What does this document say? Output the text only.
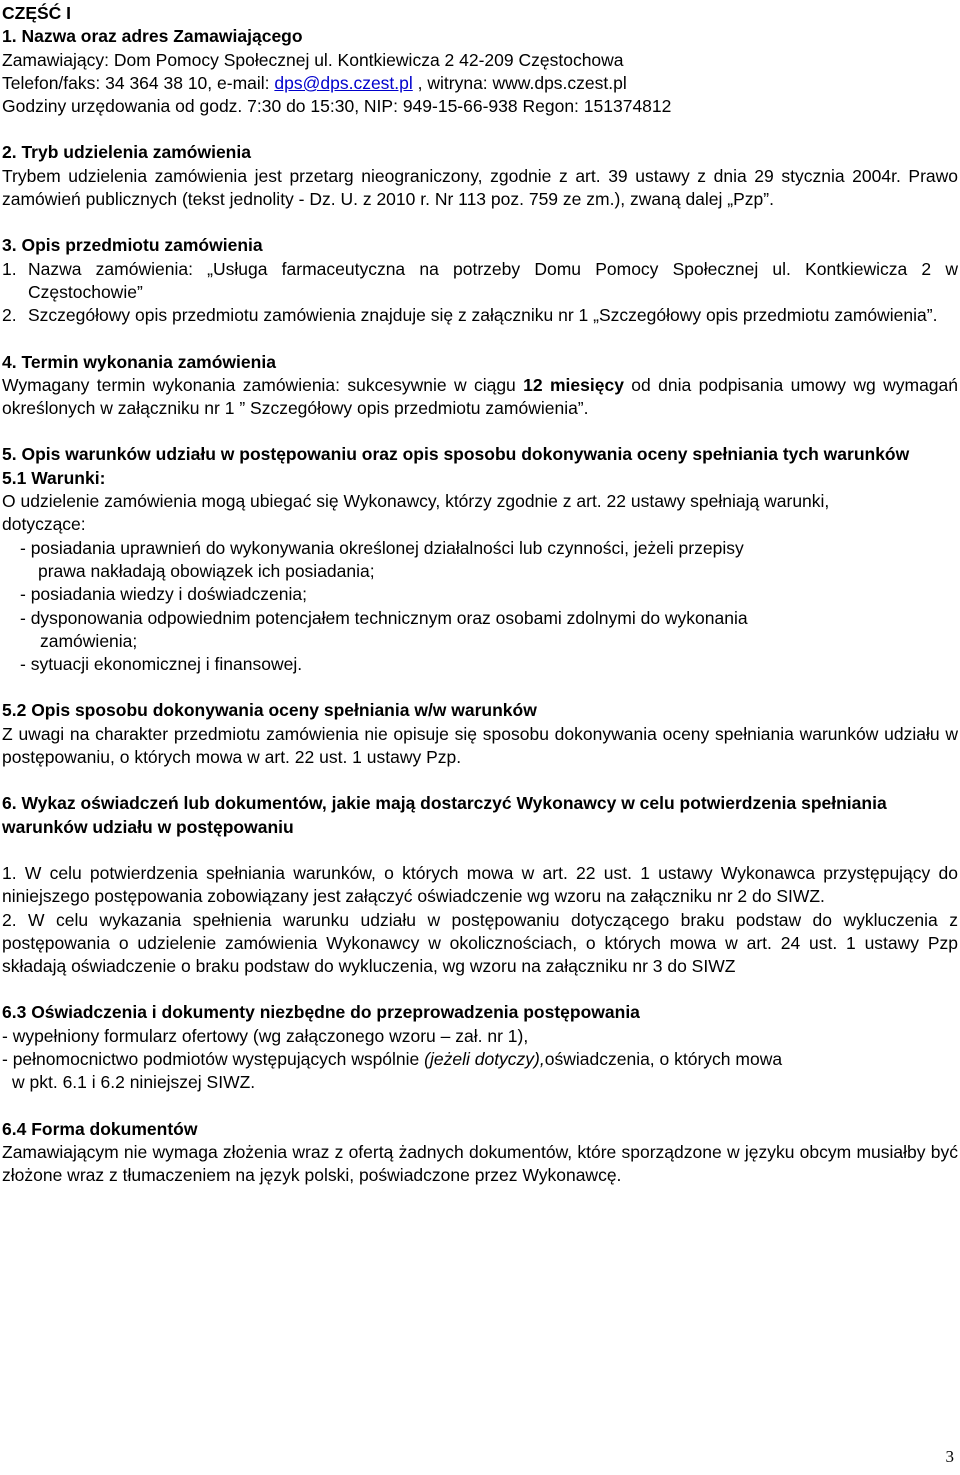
CZĘŚĆ I

1. Nazwa oraz adres Zamawiającego

Zamawiający: Dom Pomocy Społecznej ul. Kontkiewicza 2 42-209 Częstochowa

Telefon/faks: 34 364 38 10, e-mail: dps@dps.czest.pl , witryna: www.dps.czest.pl

Godziny urzędowania od godz. 7:30 do 15:30, NIP: 949-15-66-938 Regon: 151374812

2. Tryb udzielenia zamówienia

Trybem udzielenia zamówienia jest przetarg nieograniczony, zgodnie z art. 39 ustawy z dnia 29 stycznia 2004r. Prawo zamówień publicznych (tekst jednolity - Dz. U. z 2010 r. Nr 113 poz. 759 ze zm.), zwaną dalej „Pzp”.

3. Opis przedmiotu zamówienia

1. Nazwa zamówienia: „Usługa farmaceutyczna na potrzeby Domu Pomocy Społecznej ul. Kontkiewicza 2 w Częstochowie”
2. Szczegółowy opis przedmiotu zamówienia znajduje się z załączniku nr 1 „Szczegółowy opis przedmiotu zamówienia”.

4. Termin wykonania zamówienia

Wymagany termin wykonania zamówienia: sukcesywnie w ciągu 12 miesięcy od dnia podpisania umowy wg wymagań określonych w załączniku nr 1 ” Szczegółowy opis przedmiotu zamówienia”.

5. Opis warunków udziału w postępowaniu oraz opis sposobu dokonywania oceny spełniania tych warunków

5.1 Warunki:

O udzielenie zamówienia mogą ubiegać się Wykonawcy, którzy zgodnie z art. 22 ustawy spełniają warunki, dotyczące:

- posiadania uprawnień do wykonywania określonej działalności lub czynności, jeżeli przepisy

prawa nakładają obowiązek ich posiadania;

- posiadania wiedzy i doświadczenia;

- dysponowania odpowiednim potencjałem technicznym oraz osobami zdolnymi do wykonania

zamówienia;

- sytuacji ekonomicznej i finansowej.

5.2 Opis sposobu dokonywania oceny spełniania w/w warunków

Z uwagi na charakter przedmiotu zamówienia nie opisuje się sposobu dokonywania oceny spełniania warunków udziału w postępowaniu, o których mowa w art. 22 ust. 1 ustawy Pzp.

6. Wykaz oświadczeń lub dokumentów, jakie mają dostarczyć Wykonawcy w celu potwierdzenia spełniania warunków udziału w postępowaniu

1. W celu potwierdzenia spełniania warunków, o których mowa w art. 22 ust. 1 ustawy Wykonawca przystępujący do niniejszego postępowania zobowiązany jest załączyć oświadczenie wg wzoru na załączniku nr 2 do SIWZ.

2. W celu wykazania spełnienia warunku udziału w postępowaniu dotyczącego braku podstaw do wykluczenia z postępowania o udzielenie zamówienia Wykonawcy w okolicznościach, o których mowa w art. 24 ust. 1 ustawy Pzp składają oświadczenie o braku podstaw do wykluczenia, wg wzoru na załączniku nr 3 do SIWZ

6.3 Oświadczenia i dokumenty niezbędne do przeprowadzenia postępowania

- wypełniony formularz ofertowy (wg załączonego wzoru – zał. nr 1),

- pełnomocnictwo podmiotów występujących wspólnie (jeżeli dotyczy),oświadczenia, o których mowa

w pkt. 6.1 i 6.2 niniejszej SIWZ.

6.4 Forma dokumentów

Zamawiającym nie wymaga złożenia wraz z ofertą żadnych dokumentów, które sporządzone w języku obcym musiałby być złożone wraz z tłumaczeniem na język polski, poświadczone przez Wykonawcę.

3
